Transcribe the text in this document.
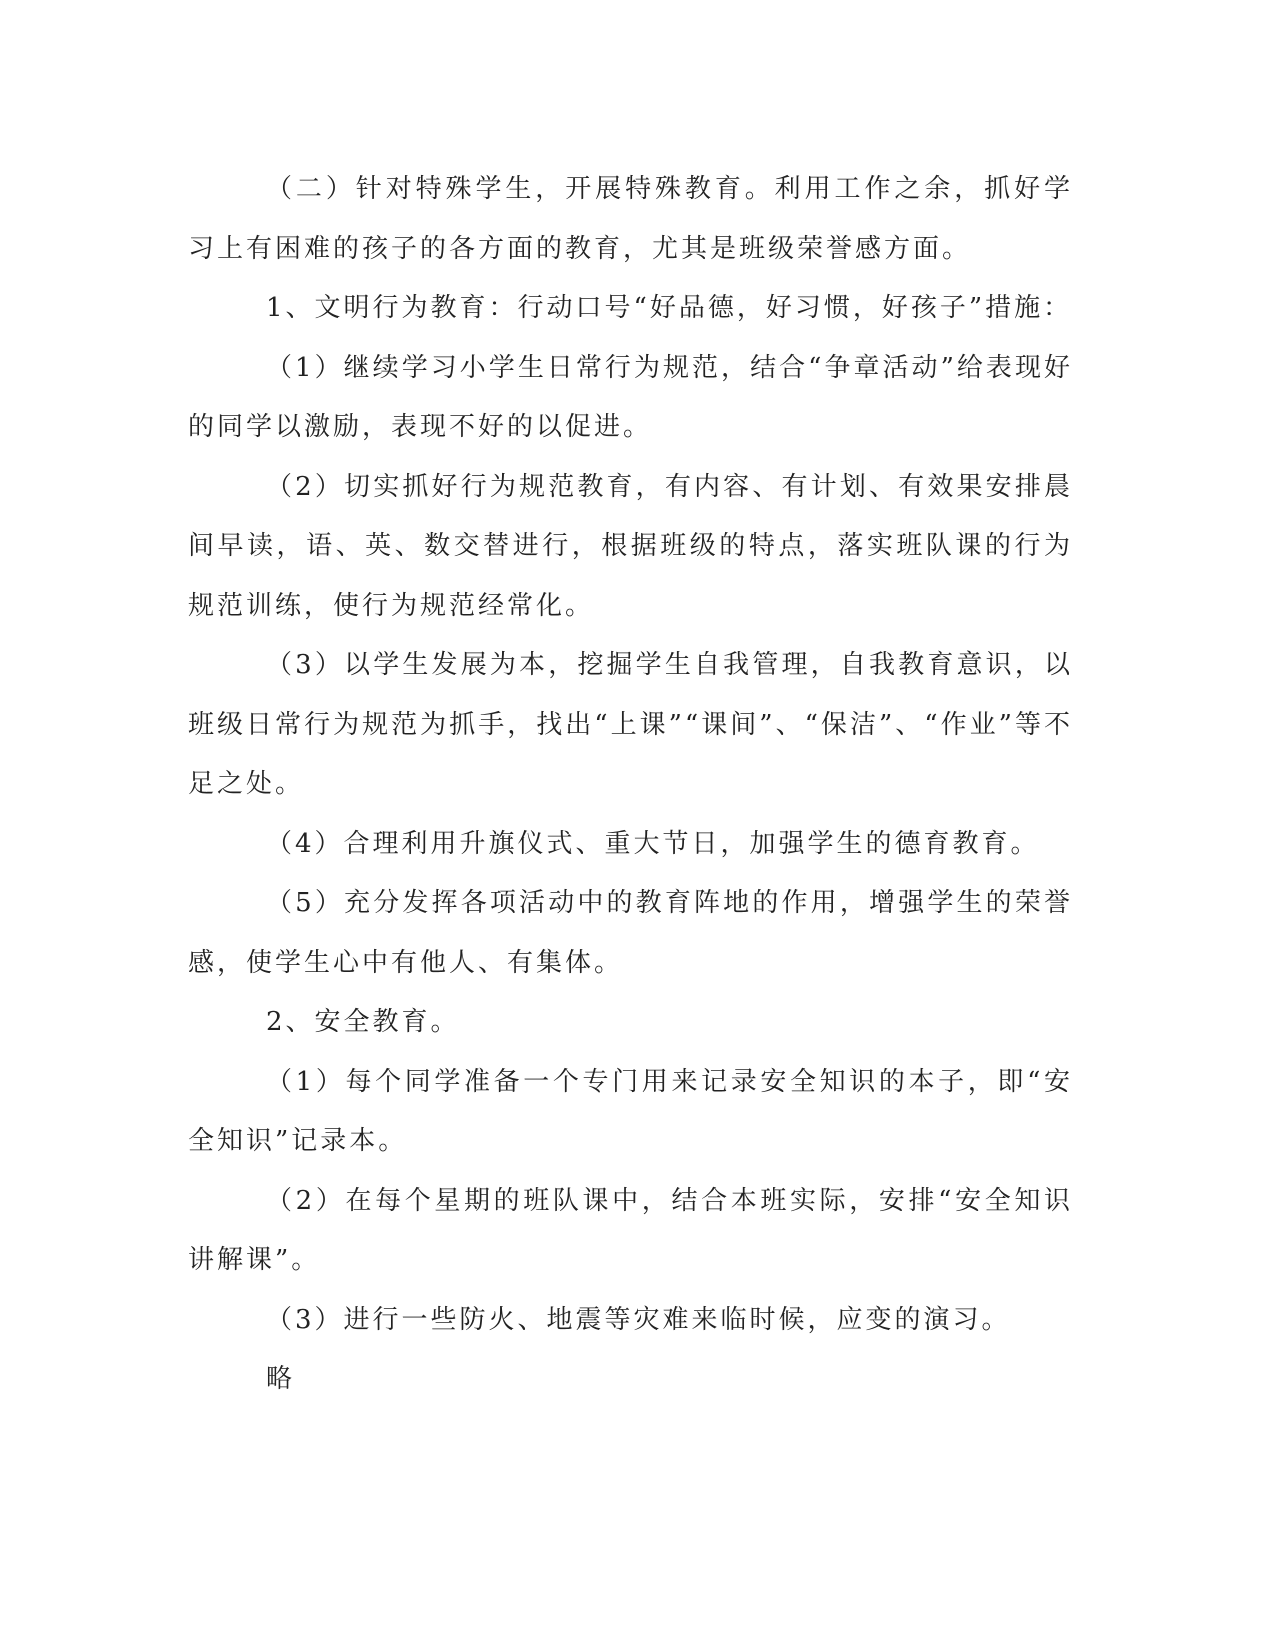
（二）针对特殊学生，开展特殊教育。利用工作之余，抓好学习上有困难的孩子的各方面的教育，尤其是班级荣誉感方面。

1、文明行为教育：行动口号“好品德，好习惯，好孩子”措施：

（1）继续学习小学生日常行为规范，结合“争章活动”给表现好的同学以激励，表现不好的以促进。

（2）切实抓好行为规范教育，有内容、有计划、有效果安排晨间早读，语、英、数交替进行，根据班级的特点，落实班队课的行为规范训练，使行为规范经常化。

（3）以学生发展为本，挖掘学生自我管理，自我教育意识，以班级日常行为规范为抓手，找出“上课”“课间”、“保洁”、“作业”等不足之处。

（4）合理利用升旗仪式、重大节日，加强学生的德育教育。

（5）充分发挥各项活动中的教育阵地的作用，增强学生的荣誉感，使学生心中有他人、有集体。

2、安全教育。

（1）每个同学准备一个专门用来记录安全知识的本子，即“安全知识”记录本。

（2）在每个星期的班队课中，结合本班实际，安排“安全知识讲解课”。

（3）进行一些防火、地震等灾难来临时候，应变的演习。

略
